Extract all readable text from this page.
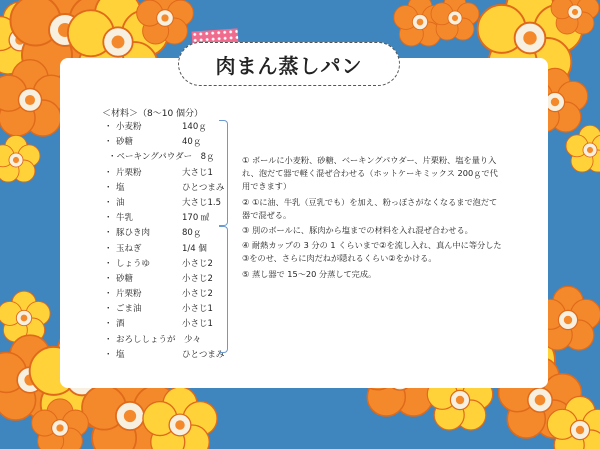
肉まん蒸しパン
＜材料＞（8～10 個分）
・ 小麦粉	140ｇ
・ 砂糖	40ｇ
・ベーキングパウダー　8ｇ
・ 片栗粉	大さじ1
・ 塩	ひとつまみ
・ 油	大さじ1.5
・ 牛乳	170 ㎖
・ 豚ひき肉	80ｇ
・ 玉ねぎ	1/4 個
・ しょうゆ	小さじ2
・ 砂糖	小さじ2
・ 片栗粉	小さじ2
・ ごま油	小さじ1
・ 酒	小さじ1
・ おろししょうが　少々
・ 塩	ひとつまみ
① ボールに小麦粉、砂糖、ベーキングパウダー、片栗粉、塩を量り入れ、泡だて器で軽く混ぜ合わせる（ホットケーキミックス 200ｇで代用できます）
② ①に油、牛乳（豆乳でも）を加え、粉っぽさがなくなるまで泡だて器で混ぜる。
③ 別のボールに、豚肉から塩までの材料を入れ混ぜ合わせる。
④ 耐熱カップの 3 分の 1 くらいまで②を流し入れ、真ん中に等分した③をのせ、さらに肉だねが隠れるくらい②をかける。
⑤ 蒸し器で 15～20 分蒸して完成。
